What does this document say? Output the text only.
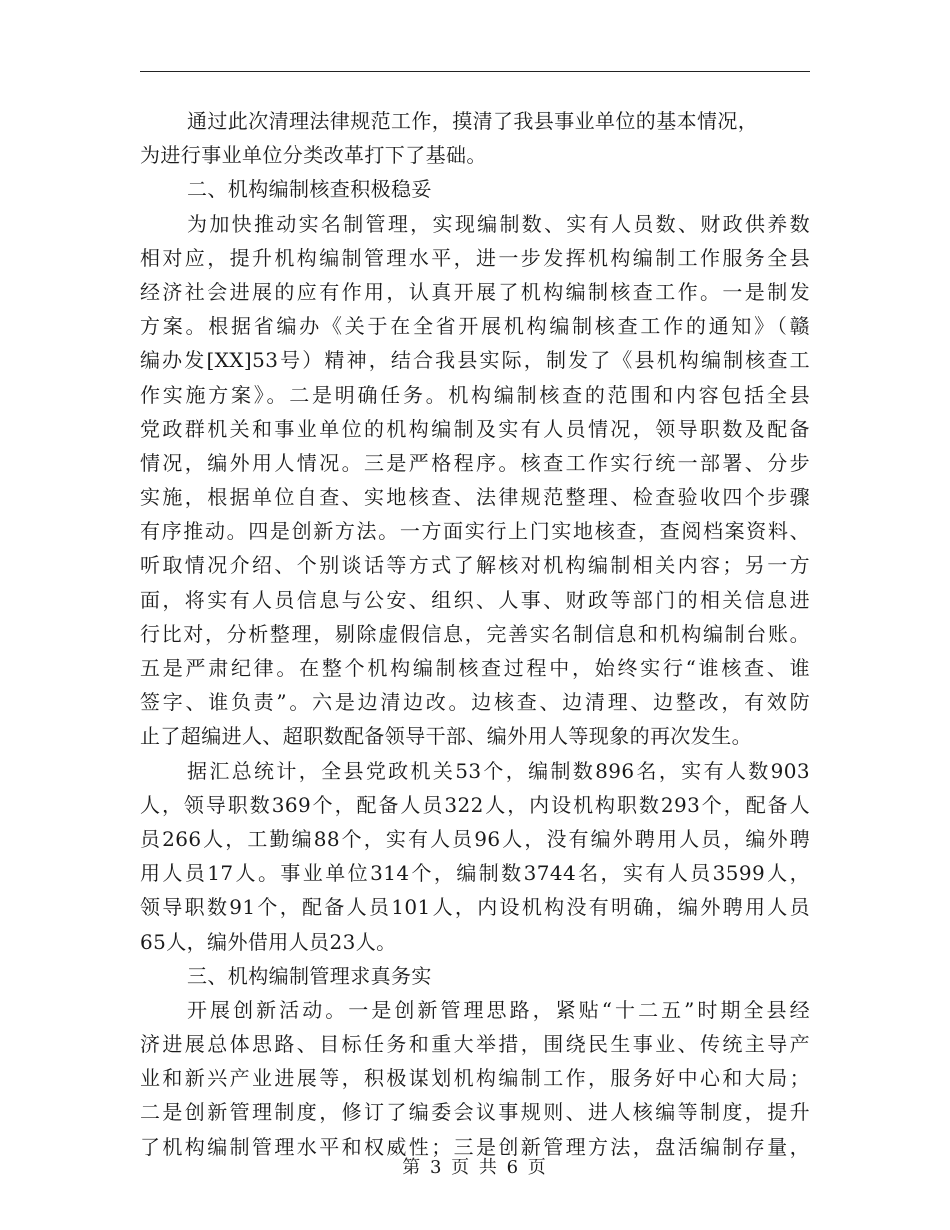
通过此次清理法律规范工作，摸清了我县事业单位的基本情况，
为进行事业单位分类改革打下了基础。
二、机构编制核查积极稳妥
为加快推动实名制管理，实现编制数、实有人员数、财政供养数
相对应，提升机构编制管理水平，进一步发挥机构编制工作服务全县
经济社会进展的应有作用，认真开展了机构编制核查工作。一是制发
方案。根据省编办《关于在全省开展机构编制核查工作的通知》（赣
编办发[XX]53号）精神，结合我县实际，制发了《县机构编制核查工
作实施方案》。二是明确任务。机构编制核查的范围和内容包括全县
党政群机关和事业单位的机构编制及实有人员情况，领导职数及配备
情况，编外用人情况。三是严格程序。核查工作实行统一部署、分步
实施，根据单位自查、实地核查、法律规范整理、检查验收四个步骤
有序推动。四是创新方法。一方面实行上门实地核查，查阅档案资料、
听取情况介绍、个别谈话等方式了解核对机构编制相关内容；另一方
面，将实有人员信息与公安、组织、人事、财政等部门的相关信息进
行比对，分析整理，剔除虚假信息，完善实名制信息和机构编制台账。
五是严肃纪律。在整个机构编制核查过程中，始终实行“谁核查、谁
签字、谁负责”。六是边清边改。边核查、边清理、边整改，有效防
止了超编进人、超职数配备领导干部、编外用人等现象的再次发生。
据汇总统计，全县党政机关53个，编制数896名，实有人数903
人，领导职数369个，配备人员322人，内设机构职数293个，配备人
员266人，工勤编88个，实有人员96人，没有编外聘用人员，编外聘
用人员17人。事业单位314个，编制数3744名，实有人员3599人，
领导职数91个，配备人员101人，内设机构没有明确，编外聘用人员
65人，编外借用人员23人。
三、机构编制管理求真务实
开展创新活动。一是创新管理思路，紧贴“十二五”时期全县经
济进展总体思路、目标任务和重大举措，围绕民生事业、传统主导产
业和新兴产业进展等，积极谋划机构编制工作，服务好中心和大局；
二是创新管理制度，修订了编委会议事规则、进人核编等制度，提升
了机构编制管理水平和权威性；三是创新管理方法，盘活编制存量，
第 3 页 共 6 页
